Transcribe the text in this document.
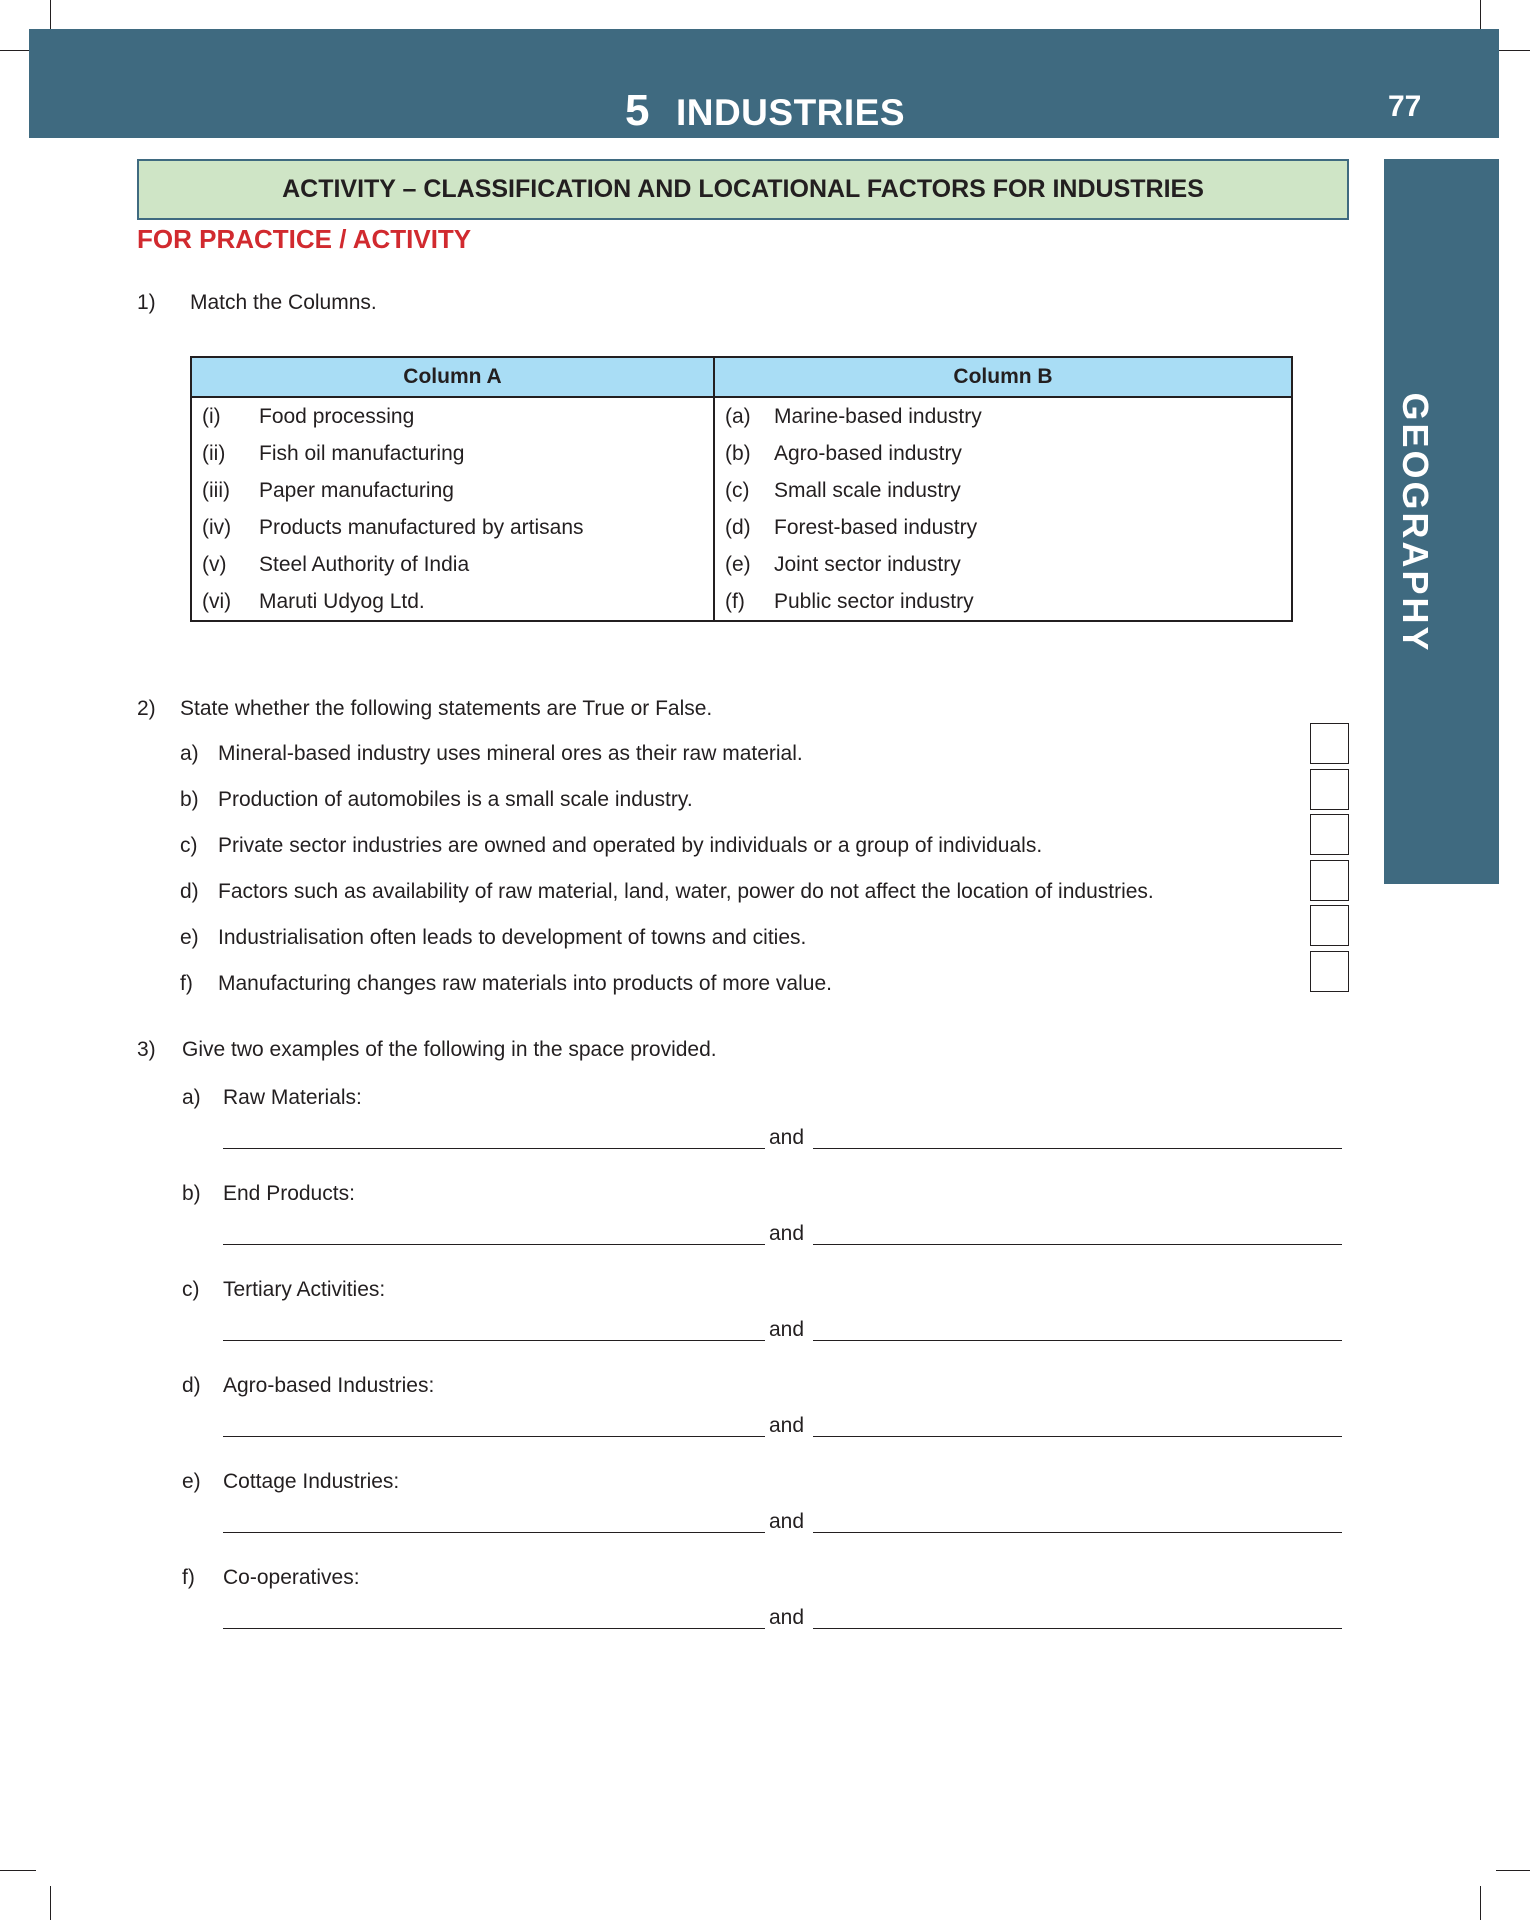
5 INDUSTRIES	77
GEOGRAPHY
ACTIVITY – CLASSIFICATION AND LOCATIONAL FACTORS FOR INDUSTRIES
FOR PRACTICE / ACTIVITY
1) Match the Columns.
Column A	Column B
(i) Food processing	(a) Marine-based industry
(ii) Fish oil manufacturing	(b) Agro-based industry
(iii) Paper manufacturing	(c) Small scale industry
(iv) Products manufactured by artisans	(d) Forest-based industry
(v) Steel Authority of India	(e) Joint sector industry
(vi) Maruti Udyog Ltd.	(f) Public sector industry
2) State whether the following statements are True or False.
a) Mineral-based industry uses mineral ores as their raw material.
b) Production of automobiles is a small scale industry.
c) Private sector industries are owned and operated by individuals or a group of individuals.
d) Factors such as availability of raw material, land, water, power do not affect the location of industries.
e) Industrialisation often leads to development of towns and cities.
f) Manufacturing changes raw materials into products of more value.
3) Give two examples of the following in the space provided.
a) Raw Materials:
and
b) End Products:
and
c) Tertiary Activities:
and
d) Agro-based Industries:
and
e) Cottage Industries:
and
f) Co-operatives:
and
